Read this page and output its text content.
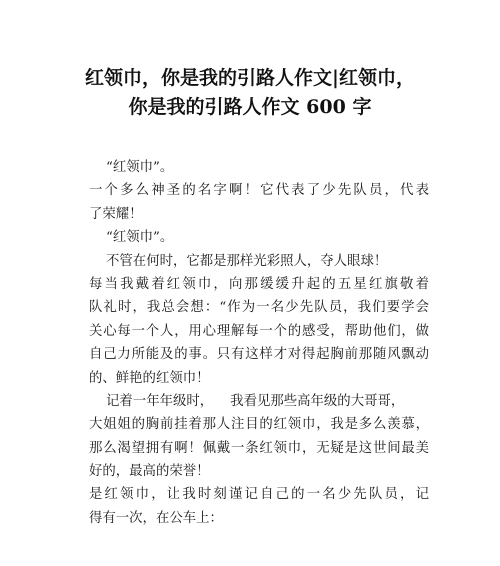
红领巾，你是我的引路人作文|红领巾，
你是我的引路人作文 600 字
“红领巾”。
一个多么神圣的名字啊！它代表了少先队员，代表
了荣耀！
“红领巾”。
不管在何时，它都是那样光彩照人，夺人眼球！
每当我戴着红领巾，向那缓缓升起的五星红旗敬着
队礼时，我总会想：“作为一名少先队员，我们要学会
关心每一个人，用心理解每一个的感受，帮助他们，做
自己力所能及的事。只有这样才对得起胸前那随风飘动
的、鲜艳的红领巾！
记着一年年级时，    我看见那些高年级的大哥哥，
大姐姐的胸前挂着那人注目的红领巾，我是多么羡慕，
那么渴望拥有啊！佩戴一条红领巾，无疑是这世间最美
好的，最高的荣誉！
是红领巾，让我时刻谨记自己的一名少先队员，记
得有一次，在公车上：
